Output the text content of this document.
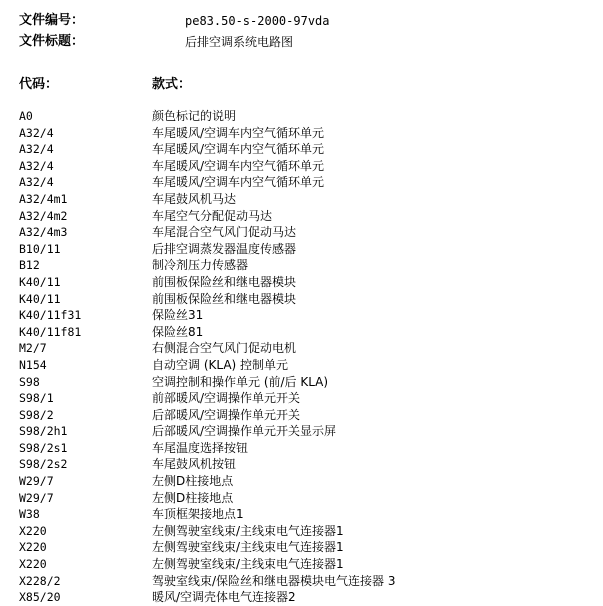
文件编号：	pe83.50-s-2000-97vda
文件标题：	后排空调系统电路图
代码：	款式：
A0	颜色标记的说明
A32/4	车尾暖风/空调车内空气循环单元
A32/4	车尾暖风/空调车内空气循环单元
A32/4	车尾暖风/空调车内空气循环单元
A32/4	车尾暖风/空调车内空气循环单元
A32/4m1	车尾鼓风机马达
A32/4m2	车尾空气分配促动马达
A32/4m3	车尾混合空气风门促动马达
B10/11	后排空调蒸发器温度传感器
B12	制冷剂压力传感器
K40/11	前围板保险丝和继电器模块
K40/11	前围板保险丝和继电器模块
K40/11f31	保险丝31
K40/11f81	保险丝81
M2/7	右侧混合空气风门促动电机
N154	自动空调 (KLA) 控制单元
S98	空调控制和操作单元 (前/后 KLA)
S98/1	前部暖风/空调操作单元开关
S98/2	后部暖风/空调操作单元开关
S98/2h1	后部暖风/空调操作单元开关显示屏
S98/2s1	车尾温度选择按钮
S98/2s2	车尾鼓风机按钮
W29/7	左侧D柱接地点
W29/7	左侧D柱接地点
W38	车顶框架接地点1
X220	左侧驾驶室线束/主线束电气连接器1
X220	左侧驾驶室线束/主线束电气连接器1
X220	左侧驾驶室线束/主线束电气连接器1
X228/2	驾驶室线束/保险丝和继电器模块电气连接器 3
X85/20	暖风/空调壳体电气连接器2
